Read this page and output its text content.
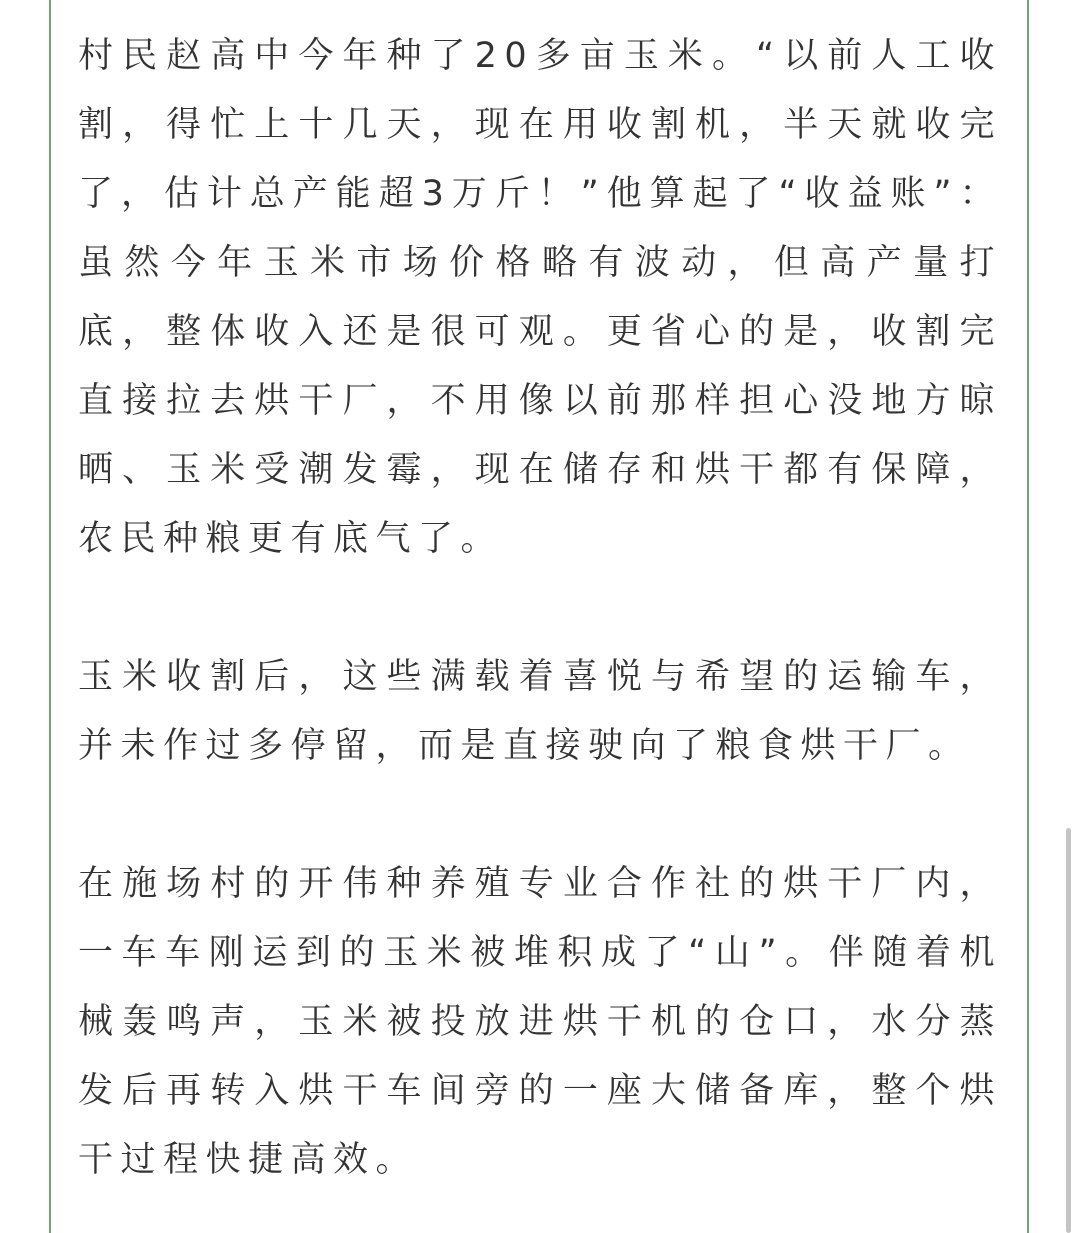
村民赵高中今年种了20多亩玉米。“以前人工收割，得忙上十几天，现在用收割机，半天就收完了，估计总产能超3万斤！”他算起了“收益账”：虽然今年玉米市场价格略有波动，但高产量打底，整体收入还是很可观。更省心的是，收割完直接拉去烘干厂，不用像以前那样担心没地方晾晒、玉米受潮发霉，现在储存和烘干都有保障，农民种粮更有底气了。

玉米收割后，这些满载着喜悦与希望的运输车，并未作过多停留，而是直接驶向了粮食烘干厂。

在施场村的开伟种养殖专业合作社的烘干厂内，一车车刚运到的玉米被堆积成了“山”。伴随着机械轰鸣声，玉米被投放进烘干机的仓口，水分蒸发后再转入烘干车间旁的一座大储备库，整个烘干过程快捷高效。
